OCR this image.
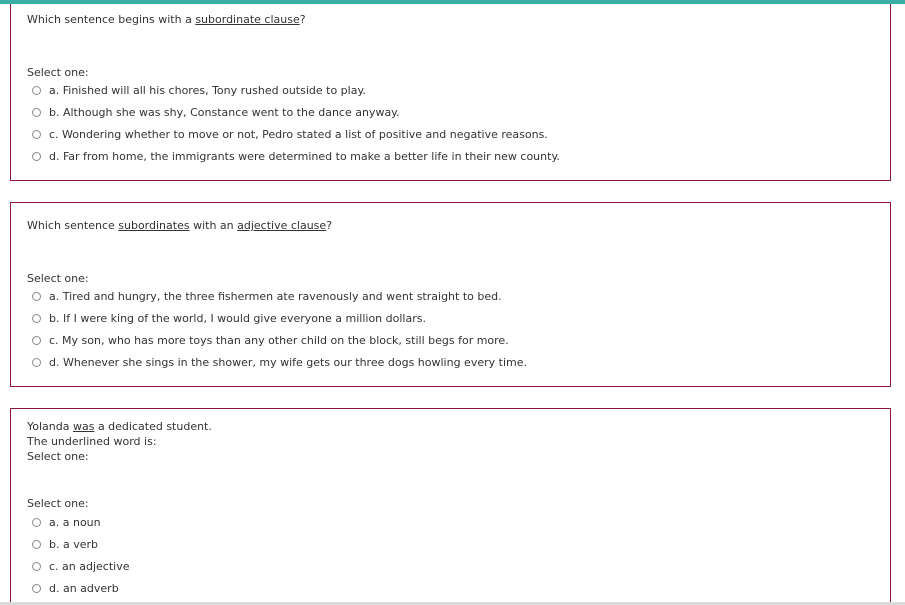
Which sentence begins with a subordinate clause?
Select one:
a. Finished will all his chores, Tony rushed outside to play.
b. Although she was shy, Constance went to the dance anyway.
c. Wondering whether to move or not, Pedro stated a list of positive and negative reasons.
d. Far from home, the immigrants were determined to make a better life in their new county.
Which sentence subordinates with an adjective clause?
Select one:
a. Tired and hungry, the three fishermen ate ravenously and went straight to bed.
b. If I were king of the world, I would give everyone a million dollars.
c. My son, who has more toys than any other child on the block, still begs for more.
d. Whenever she sings in the shower, my wife gets our three dogs howling every time.
Yolanda was a dedicated student.
The underlined word is:
Select one:
Select one:
a. a noun
b. a verb
c. an adjective
d. an adverb
